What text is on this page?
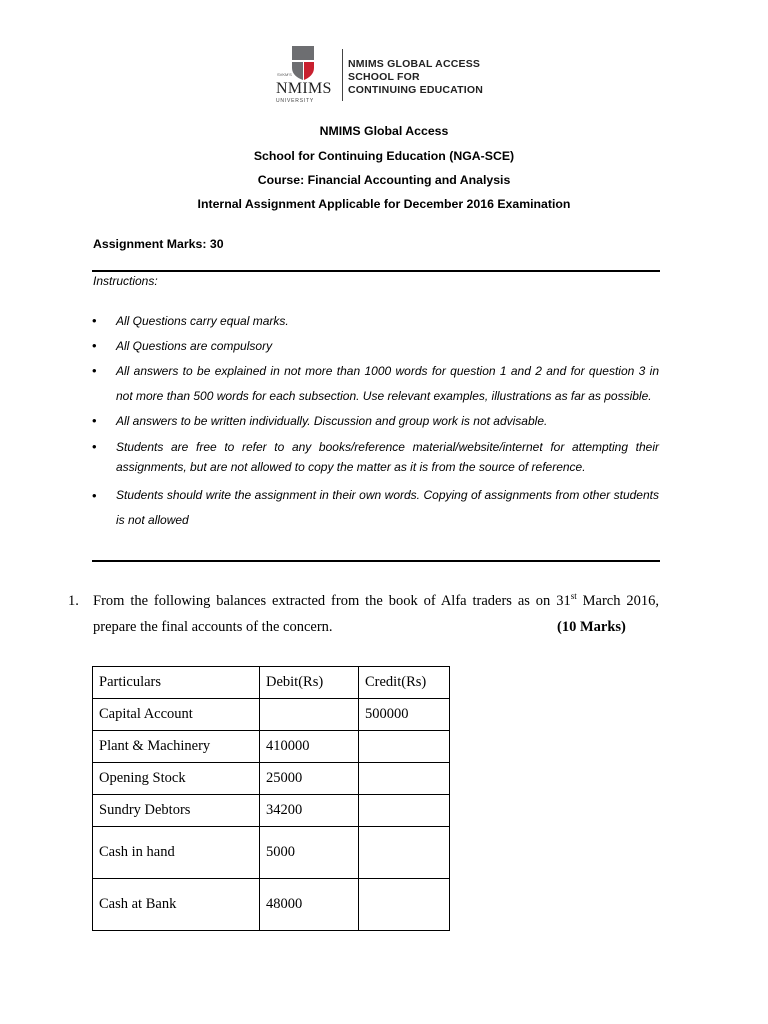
SVKM'S
NMIMS
UNIVERSITY
NMIMS GLOBAL ACCESS
SCHOOL FOR
CONTINUING EDUCATION
NMIMS Global Access
School for Continuing Education (NGA-SCE)
Course: Financial Accounting and Analysis
Internal Assignment Applicable for December 2016 Examination
Assignment Marks: 30
Instructions:
• All Questions carry equal marks.
• All Questions are compulsory
• All answers to be explained in not more than 1000 words for question 1 and 2 and for question 3 in not more than 500 words for each subsection. Use relevant examples, illustrations as far as possible.
• All answers to be written individually. Discussion and group work is not advisable.
• Students are free to refer to any books/reference material/website/internet for attempting their assignments, but are not allowed to copy the matter as it is from the source of reference.
• Students should write the assignment in their own words. Copying of assignments from other students is not allowed
1. From the following balances extracted from the book of Alfa traders as on 31st March 2016, prepare the final accounts of the concern.	(10 Marks)
Particulars	Debit(Rs)	Credit(Rs)
Capital Account		500000
Plant & Machinery	410000	
Opening Stock	25000	
Sundry Debtors	34200	
Cash in hand	5000	
Cash at Bank	48000	
